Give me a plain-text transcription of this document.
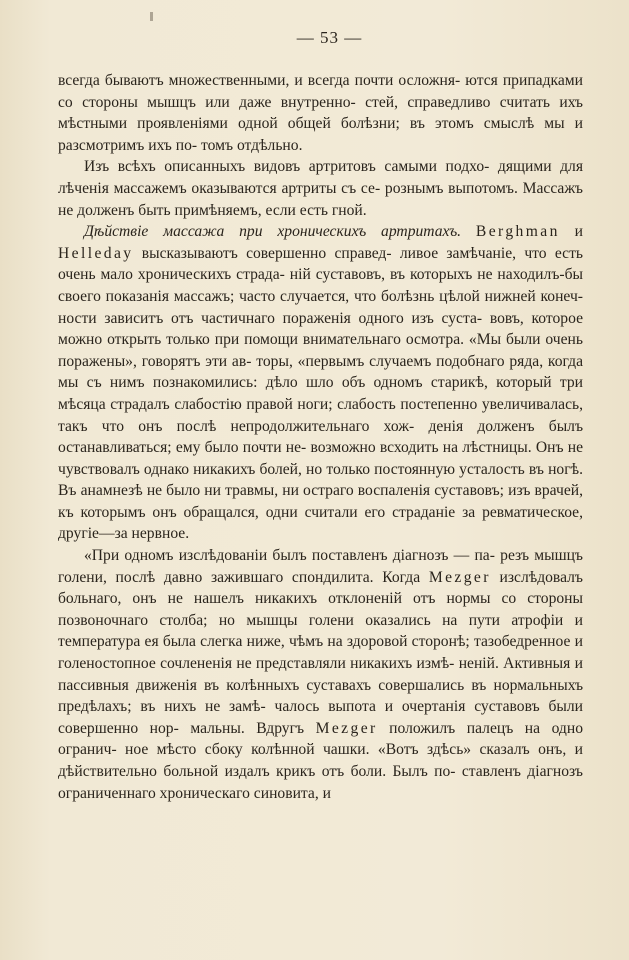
— 53 —

всегда бываютъ множественными, и всегда почти осложня- ются припадками со стороны мышцъ или даже внутренно- стей, справедливо считать ихъ мѣстными проявленіями одной общей болѣзни; въ этомъ смыслѣ мы и разсмотримъ ихъ по- томъ отдѣльно.

Изъ всѣхъ описанныхъ видовъ артритовъ самыми подхо- дящими для лѣченія массажемъ оказываются артриты съ се- рознымъ выпотомъ. Массажъ не долженъ быть примѣняемъ, если есть гной.

Дѣйствіе массажа при хроническихъ артритахъ. Berghman и Helleday высказываютъ совершенно справед- ливое замѣчаніе, что есть очень мало хроническихъ страда- ній суставовъ, въ которыхъ не находилъ-бы своего показанія массажъ; часто случается, что болѣзнь цѣлой нижней конеч- ности зависитъ отъ частичнаго пораженія одного изъ суста- вовъ, которое можно открыть только при помощи внимательнаго осмотра. «Мы были очень поражены», говорятъ эти ав- торы, «первымъ случаемъ подобнаго ряда, когда мы съ нимъ познакомились: дѣло шло объ одномъ старикѣ, который три мѣсяца страдалъ слабостію правой ноги; слабость постепенно увеличивалась, такъ что онъ послѣ непродолжительнаго хож- денія долженъ былъ останавливаться; ему было почти не- возможно всходить на лѣстницы. Онъ не чувствовалъ однако никакихъ болей, но только постоянную усталость въ ногѣ. Въ анамнезѣ не было ни травмы, ни остраго воспаленія суставовъ; изъ врачей, къ которымъ онъ обращался, одни считали его страданіе за ревматическое, другіе—за нервное.

«При одномъ изслѣдованіи былъ поставленъ діагнозъ — па- резъ мышцъ голени, послѣ давно зажившаго спондилита. Когда Mezger изслѣдовалъ больнаго, онъ не нашелъ никакихъ отклоненій отъ нормы со стороны позвоночнаго столба; но мышцы голени оказались на пути атрофіи и температура ея была слегка ниже, чѣмъ на здоровой сторонѣ; тазобедренное и голеностопное сочлененія не представляли никакихъ измѣ- неній. Активныя и пассивныя движенія въ колѣнныхъ суставахъ совершались въ нормальныхъ предѣлахъ; въ нихъ не замѣ- чалось выпота и очертанія суставовъ были совершенно нор- мальны. Вдругъ Mezger положилъ палецъ на одно огранич- ное мѣсто сбоку колѣнной чашки. «Вотъ здѣсь» сказалъ онъ, и дѣйствительно больной издалъ крикъ отъ боли. Былъ по- ставленъ діагнозъ ограниченнаго хроническаго синовита, и
